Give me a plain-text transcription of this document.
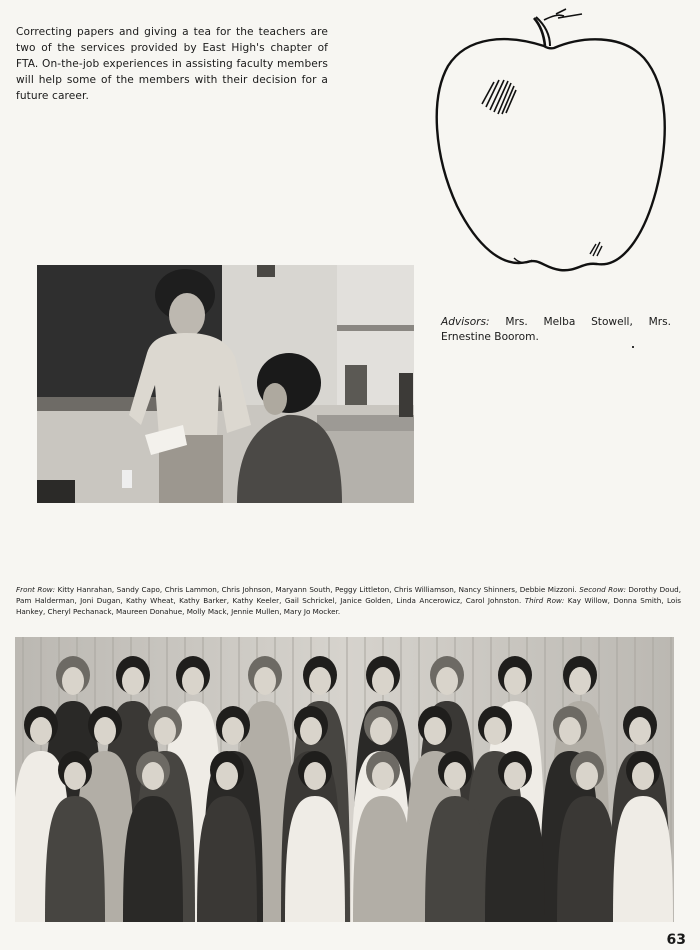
Correcting papers and giving a tea for the teachers are two of the services provided by East High's chapter of FTA. On-the-job experiences in assisting faculty members will help some of the members with their decision for a future career.

Advisors: Mrs. Melba Stowell, Mrs. Ernestine Boorom.

Front Row: Kitty Hanrahan, Sandy Capo, Chris Lammon, Chris Johnson, Maryann South, Peggy Littleton, Chris Williamson, Nancy Shinners, Debbie Mizzoni. Second Row: Dorothy Doud, Pam Halderman, Joni Dugan, Kathy Wheat, Kathy Barker, Kathy Keeler, Gail Schrickel, Janice Golden, Linda Ancerowicz, Carol Johnston. Third Row: Kay Willow, Donna Smith, Lois Hankey, Cheryl Pechanack, Maureen Donahue, Molly Mack, Jennie Mullen, Mary Jo Mocker.

63
